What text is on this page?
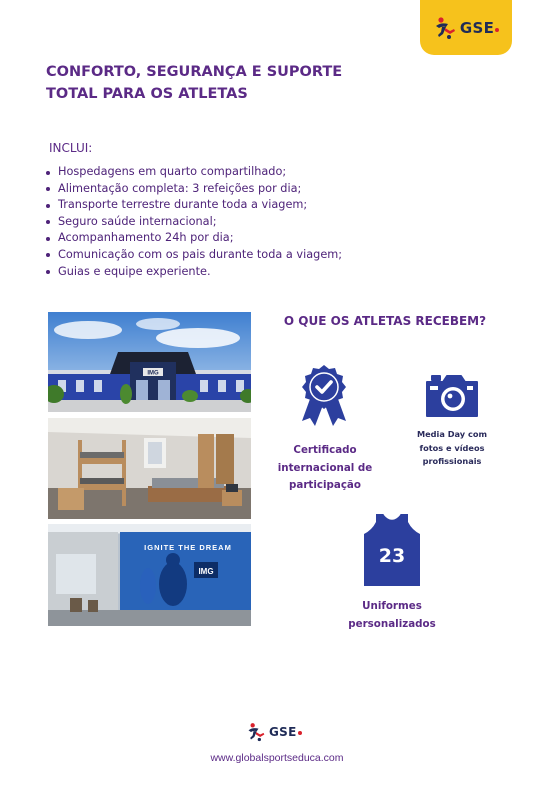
GSE
CONFORTO, SEGURANÇA E SUPORTE
TOTAL PARA OS ATLETAS
INCLUI:
Hospedagens em quarto compartilhado;
Alimentação completa: 3 refeições por dia;
Transporte terrestre durante toda a viagem;
Seguro saúde internacional;
Acompanhamento 24h por dia;
Comunicação com os pais durante toda a viagem;
Guias e equipe experiente.
IMG
IGNITE THE DREAM
IMG
O QUE OS ATLETAS RECEBEM?
23
Certificado
internacional de
participação
Media Day com
fotos e vídeos
profissionais
Uniformes
personalizados
GSE
www.globalsportseduca.com
